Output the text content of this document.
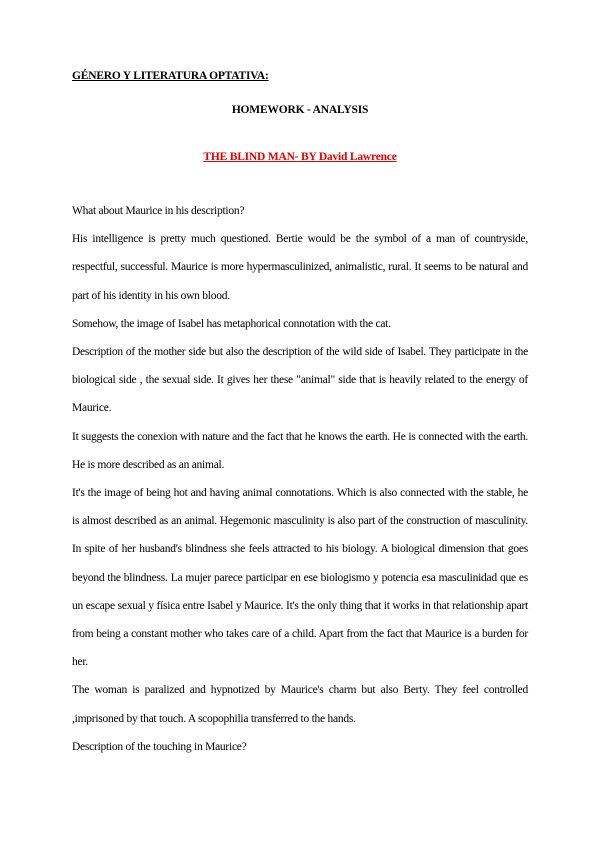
GÉNERO Y LITERATURA OPTATIVA:
HOMEWORK - ANALYSIS
THE BLIND MAN- BY David Lawrence

What about Maurice in his description?

His intelligence is pretty much questioned. Bertie would be the symbol of a man of countryside, respectful, successful. Maurice is more hypermasculinized, animalistic, rural. It seems to be natural and part of his identity in his own blood.

Somehow, the image of Isabel has metaphorical connotation with the cat.

Description of the mother side but also the description of the wild side of Isabel. They participate in the biological side , the sexual side. It gives her these "animal" side that is heavily related to the energy of Maurice.

It suggests the conexion with nature and the fact that he knows the earth. He is connected with the earth. He is more described as an animal.

It's the image of being hot and having animal connotations. Which is also connected with the stable, he is almost described as an animal. Hegemonic masculinity is also part of the construction of masculinity. In spite of her husband's blindness she feels attracted to his biology. A biological dimension that goes beyond the blindness. La mujer parece participar en ese biologismo y potencia esa masculinidad que es un escape sexual y física entre Isabel y Maurice. It's the only thing that it works in that relationship apart from being a constant mother who takes care of a child. Apart from the fact that Maurice is a burden for her.

The woman is paralized and hypnotized by Maurice's charm but also Berty. They feel controlled ,imprisoned by that touch. A scopophilia transferred to the hands.

Description of the touching in Maurice?
